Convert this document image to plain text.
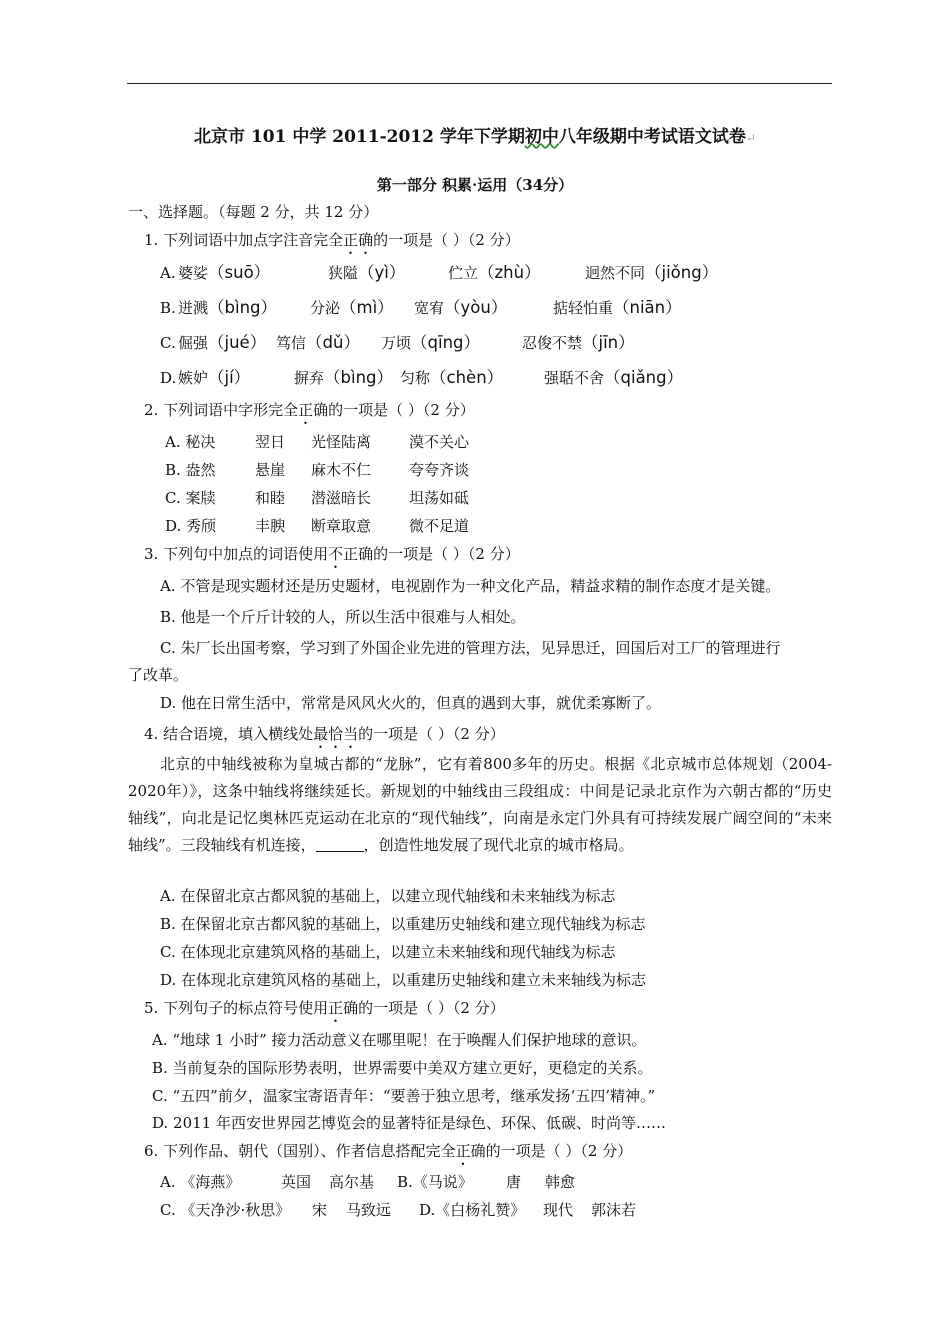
北京市 101 中学 2011-2012 学年下学期初中八年级期中考试语文试卷↵
第一部分 积累·运用（34分）
一、选择题。（每题 2 分，共 12 分）
1. 下列词语中加点字注音完全正确的一项是（ ）（2 分）
A. 婆娑（suō）	狭隘（yì）	伫立（zhù）	迥然不同（jiǒng）
B. 迸溅（bìng） 分泌（mì） 宽宥（yòu）	掂轻怕重（niān）
C. 倔强（jué） 笃信（dǔ） 万顷（qīng）	忍俊不禁（jīn）
D. 嫉妒（jí）	摒弃（bìng） 匀称（chèn）	强聒不舍（qiǎng）
2. 下列词语中字形完全正确的一项是（ ）（2 分）
A. 秘决	翌日 光怪陆离	漠不关心
B. 盎然	悬崖 麻木不仁	夸夸齐谈
C. 案牍	和睦 潜滋暗长	坦荡如砥
D. 秀颀	丰腴 断章取意	微不足道
3. 下列句中加点的词语使用不正确的一项是（ ）（2 分）
A. 不管是现实题材还是历史题材，电视剧作为一种文化产品，精益求精的制作态度才是关键。
B. 他是一个斤斤计较的人，所以生活中很难与人相处。
C. 朱厂长出国考察，学习到了外国企业先进的管理方法，见异思迁，回国后对工厂的管理进行
了改革。
D. 他在日常生活中，常常是风风火火的，但真的遇到大事，就优柔寡断了。
4. 结合语境，填入横线处最恰当的一项是（ ）（2 分）
北京的中轴线被称为皇城古都的“龙脉”，它有着800多年的历史。根据《北京城市总体规划（2004-2020年）》，这条中轴线将继续延长。新规划的中轴线由三段组成：中间是记录北京作为六朝古都的“历史轴线”，向北是记忆奥林匹克运动在北京的“现代轴线”，向南是永定门外具有可持续发展广阔空间的“未来轴线”。三段轴线有机连接，	，创造性地发展了现代北京的城市格局。
A. 在保留北京古都风貌的基础上，以建立现代轴线和未来轴线为标志
B. 在保留北京古都风貌的基础上，以重建历史轴线和建立现代轴线为标志
C. 在体现北京建筑风格的基础上，以建立未来轴线和现代轴线为标志
D. 在体现北京建筑风格的基础上，以重建历史轴线和建立未来轴线为标志
5. 下列句子的标点符号使用正确的一项是（ ）（2 分）
A. “地球 1 小时” 接力活动意义在哪里呢！在于唤醒人们保护地球的意识。
B. 当前复杂的国际形势表明，世界需要中美双方建立更好，更稳定的关系。
C. “五四”前夕，温家宝寄语青年：“要善于独立思考，继承发扬‘五四’精神。”
D. 2011 年西安世界园艺博览会的显著特征是绿色、环保、低碳、时尚等……
6. 下列作品、朝代（国别）、作者信息搭配完全正确的一项是（ ）（2 分）
A. 《海燕》	英国 高尔基 B.《马说》 唐 韩愈
C. 《天净沙·秋思》 宋 马致远 D.《白杨礼赞》 现代 郭沫若
